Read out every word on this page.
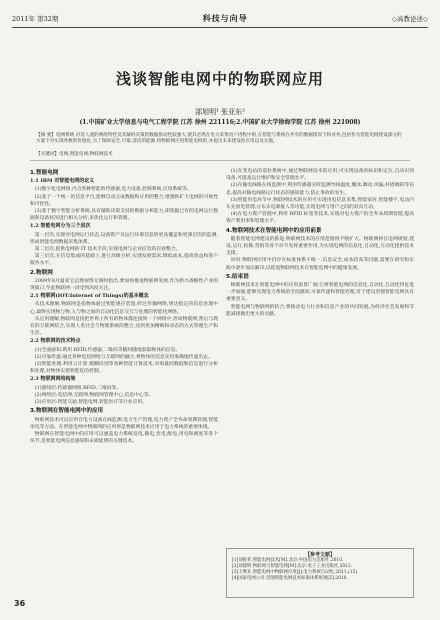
2011年 第32期	科技与向导	◇高教论述◇
浅谈智能电网中的物联网应用
邵旭明¹ 张亚东²
(1.中国矿业大学信息与电气工程学院 江苏 徐州 221116;2.中国矿业大学徐海学院 江苏 徐州 221008)
【摘 要】电网系统,对适人流的网络特性及其解析决策的数据驱动性较强大,使其必然在电力采集用户进程中的,在智能与系统在共享的数据情况下和业务,包括作为智能电网建设部分的方案下对实现各数的价值化,为了保障安全,可靠,清洁的能源,将物联网应用智能电网的,并提出未来建设的应用以及实施。
【关键词】电网;智能电网;物联网技术
1.智能电网
1.1 IBM 对智能电网的定义

(1)数字化电网络,内含各种智能的传感器,电力设备,控制系统,应用系统等。

(2)基于一个统一的信息平台,能够自动完成数据和应用的整合,增强和扩大电网的可视性和可控性。

(3)基于数字智能分析系统,具有辅助决策支持的数据分析能力,即依据已有的电网运行数据和设备状况进行相关分析,来优化运行和管理。

1.2 智能电网分为三个层次

第一层次,实现对电网运行状态,设备资产及运行环境信息的更高覆盖和更深层次的监测,形成智能电网数据采集体系。

第二层次,提供电网的 IT 技术手段,实现电网与企业信息的有效整合。

第三层次,在信息集成的基础上,进行高级分析,实现发展需求,降低成本,提高效益和客户服务水平。

2.物联网

2009年8月温家宝总理视察无锡时指出,要加快推进物联网发展,作为新兴战略性产业的突破口,至此物联网一词受到高度关注。

2.1 物联网(IOT:Internet of Things)的基本概念

从技术理解,物联网是指物体通过智能感应装置,经过传输网络,到达指定的信息处理中心,最终实现物与物,人与物之间的自动化信息交互与处理的智能化网络。

从应用理解,物联网是指把世界上所有的物体都连接到一个网络中,形成物联网,然后与现有的互联网结合,实现人类社会与物理系统的整合,达到更加精细和动态的方式管理生产和生活。

2.2 物联网的技术特点

(1)全面感知:利用 RFID,传感器,二维码等随时随地获取物体的信息。

(2)可靠传递:通过各种电信网络与互联网的融合,将物体的信息实时准确地传递出去。

(3)智能处理:利用云计算,模糊识别等各种智能计算技术,对海量的数据和信息进行分析和处理,对物体实施智能化的控制。

2.3 物联网网络构架

(1)感知层:传感器网络,RFID,二维码等。

(2)网络层:电信网,互联网,物联网管理中心,信息中心等。

(3)应用层:智能交通,智能电网,智能医疗等行业应用。

3.物联网在智能电网中的应用

物联网技术可以应用在电力设备在线监测,电力生产管理,电力资产全寿命周期管理,智能用电等方面。在智能电网中物联网的应用将是物联网技术应用于电力系统的重要体现。

物联网在智能电网中的应用可以涵盖电力系统发电,输电,变电,配电,用电和调度等各个环节,是智能电网信息感知和末端延伸的关键技术。

(1)在变电站的巡检系统中,通过物联网技术的应用,可实现设备的标识和定位,自动识别设备,可提高运行维护和安全管理水平。

(2)在输电线路在线监测中,利用传感器实时监测导线温度,覆冰,舞动,风偏,杆塔倾斜等信息,提高对输电线路运行状态的感知能力,防止事故的发生。

(3)智能用电环节中,物联网技术的应用可实现用电信息采集,智能家居,智能楼宇,电动汽车充放电管理,分布式电源接入等功能,实现电网与用户之间的双向互动。

(4)在电力资产管理中,利用 RFID 标签等技术,实现对电力资产的全寿命周期管理,提高资产利用率和管理水平。

4.物联网技术在智能电网中的应用前景

随着智能电网建设的推进,物联网技术的应用范围将不断扩大。物联网将在电网规划,建设,运行,检修,营销等各个环节发挥重要作用,为实现电网的信息化,自动化,互动化提供技术支撑。

同时,物联网应用中仍存在标准体系不统一,信息安全,成本较高等问题,需要在研究和实践中逐步加以解决,以促进物联网技术在智能电网中的健康发展。

5.结束语

物联网技术在智能电网中的应用前景广阔,它将智能电网的信息化,自动化,互动化特征进一步加强,能够实现电力系统的全面感知,可靠传递和智能处理,对于建设坚强智能电网具有重要意义。

智能电网与物联网的结合,将推动电力行业和信息产业的共同发展,为经济社会发展和节能减排做出更大的贡献。

【参考文献】
[1]刘振亚.智能电网技术[M].北京:中国电力出版社,2010.
[2]刘建明.物联网与智能电网[M].北京:电子工业出版社,2012.
[3]王继业.智能电网中物联网应用[J].电力系统自动化,2011,(15).
[4]国家电网公司.坚强智能电网技术标准体系规划[Z].2010.
36
